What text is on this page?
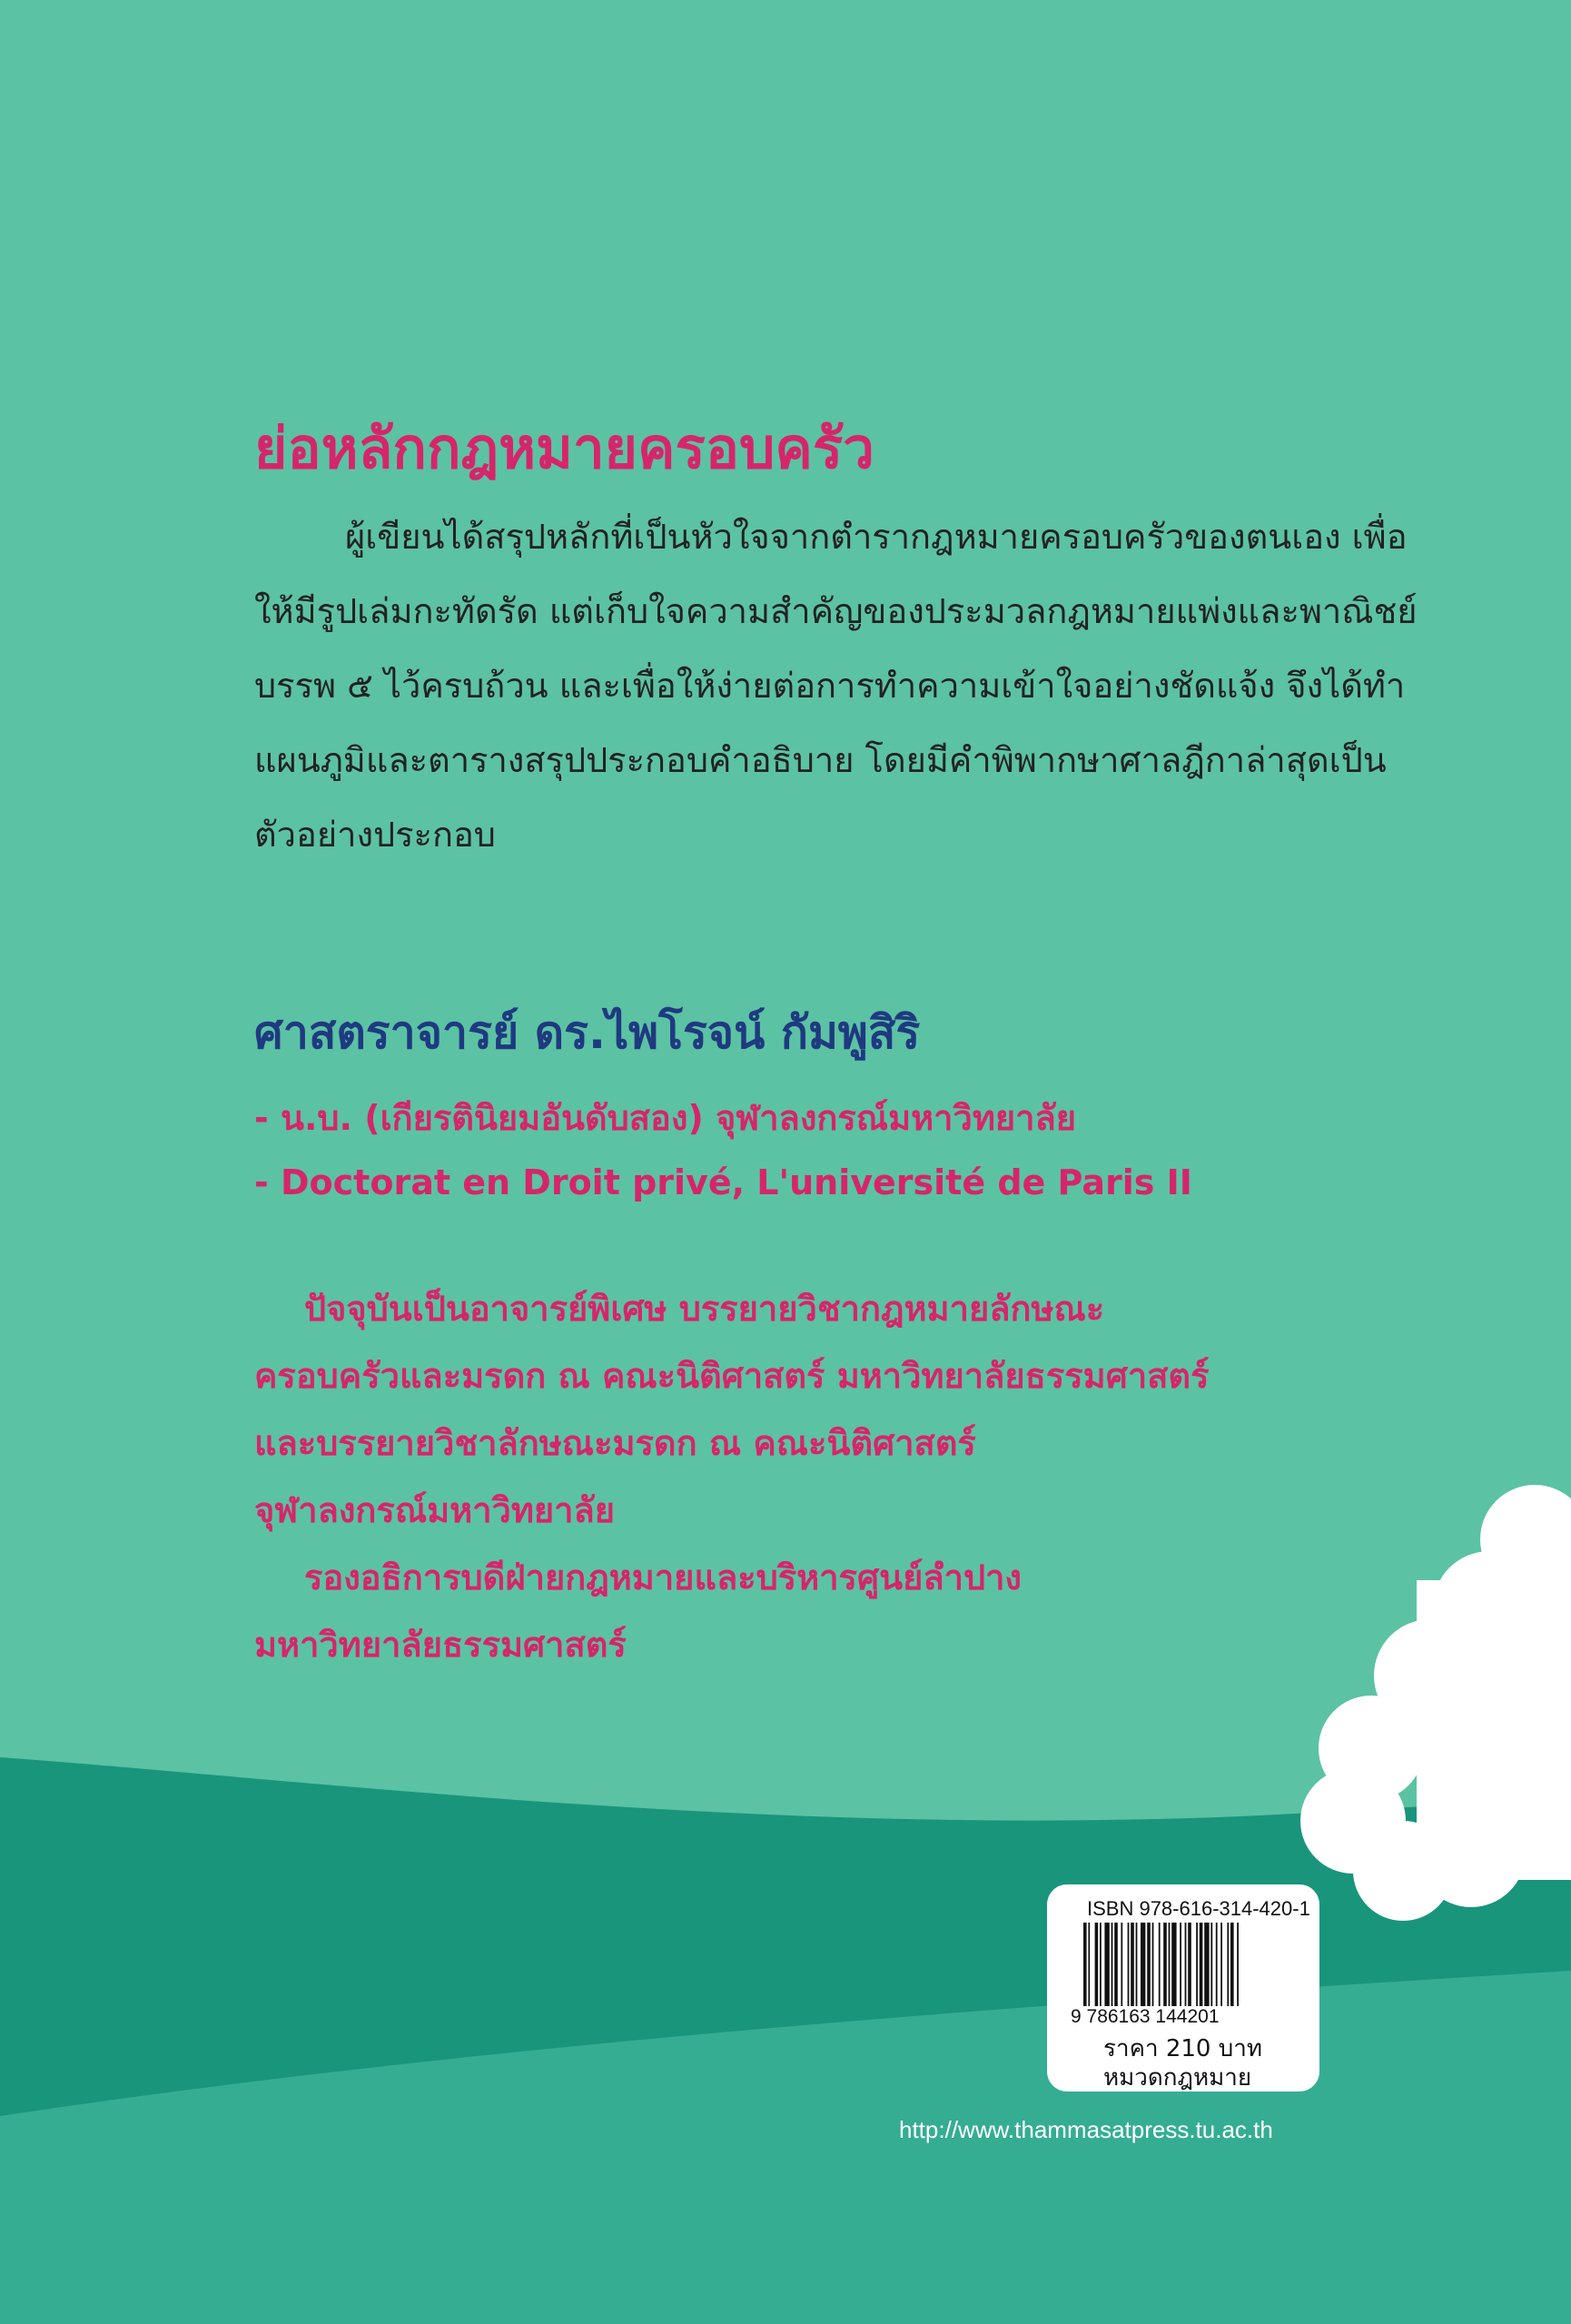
ย่อหลักกฎหมายครอบครัว

ผู้เขียนได้สรุปหลักที่เป็นหัวใจจากตำรากฎหมายครอบครัวของตนเอง เพื่อ
ให้มีรูปเล่มกะทัดรัด แต่เก็บใจความสำคัญของประมวลกฎหมายแพ่งและพาณิชย์
บรรพ ๕ ไว้ครบถ้วน และเพื่อให้ง่ายต่อการทำความเข้าใจอย่างชัดแจ้ง จึงได้ทำ
แผนภูมิและตารางสรุปประกอบคำอธิบาย โดยมีคำพิพากษาศาลฎีกาล่าสุดเป็น
ตัวอย่างประกอบ

ศาสตราจารย์ ดร.ไพโรจน์ กัมพูสิริ

- น.บ. (เกียรตินิยมอันดับสอง) จุฬาลงกรณ์มหาวิทยาลัย

- Doctorat en Droit privé, L'université de Paris II

ปัจจุบันเป็นอาจารย์พิเศษ บรรยายวิชากฎหมายลักษณะ
ครอบครัวและมรดก ณ คณะนิติศาสตร์ มหาวิทยาลัยธรรมศาสตร์
และบรรยายวิชาลักษณะมรดก ณ คณะนิติศาสตร์
จุฬาลงกรณ์มหาวิทยาลัย
รองอธิการบดีฝ่ายกฎหมายและบริหารศูนย์ลำปาง
มหาวิทยาลัยธรรมศาสตร์

ISBN 978-616-314-420-1
9 786163 144201
ราคา 210 บาท
หมวดกฎหมาย
http://www.thammasatpress.tu.ac.th
